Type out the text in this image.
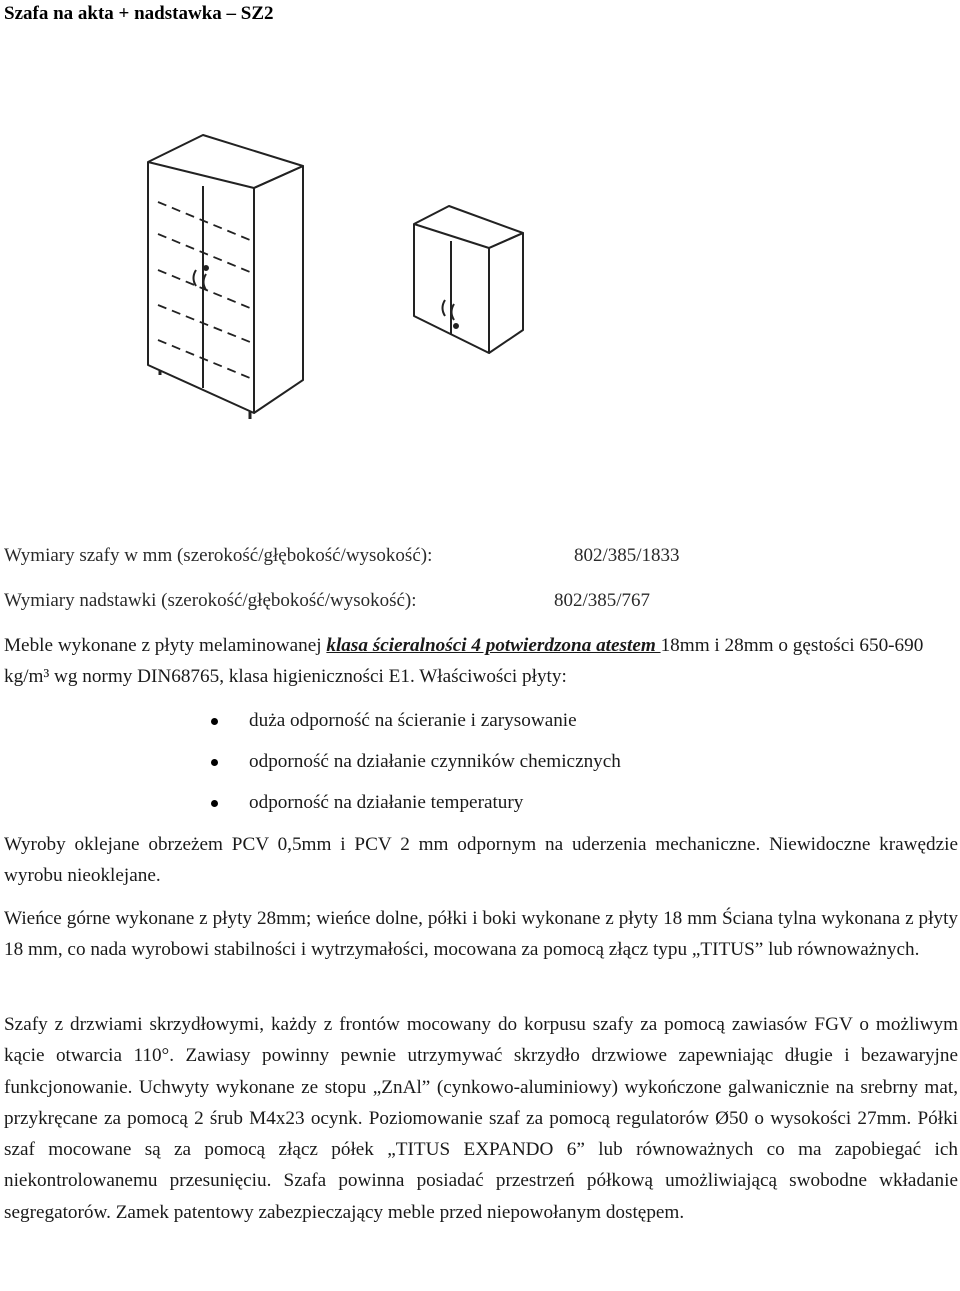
Szafa na akta + nadstawka – SZ2
Wymiary szafy w mm (szerokość/głębokość/wysokość):	802/385/1833
Wymiary nadstawki (szerokość/głębokość/wysokość):	802/385/767
Meble wykonane z płyty melaminowanej klasa ścieralności 4 potwierdzona atestem 18mm i 28mm o gęstości 650-690 kg/m³ wg normy DIN68765, klasa higieniczności E1. Właściwości płyty:
duża odporność na ścieranie i zarysowanie
odporność na działanie czynników chemicznych
odporność na działanie temperatury
Wyroby oklejane obrzeżem PCV 0,5mm i PCV 2 mm odpornym na uderzenia mechaniczne. Niewidoczne krawędzie wyrobu nieoklejane.
Wieńce górne wykonane z płyty 28mm; wieńce dolne, półki i boki wykonane z płyty 18 mm Ściana tylna wykonana z płyty 18 mm, co nada wyrobowi stabilności i wytrzymałości, mocowana za pomocą złącz typu „TITUS” lub równoważnych.
Szafy z drzwiami skrzydłowymi, każdy z frontów mocowany do korpusu szafy za pomocą zawiasów FGV o możliwym kącie otwarcia 110°. Zawiasy powinny pewnie utrzymywać skrzydło drzwiowe zapewniając długie i bezawaryjne funkcjonowanie. Uchwyty wykonane ze stopu „ZnAl” (cynkowo-aluminiowy) wykończone galwanicznie na srebrny mat, przykręcane za pomocą 2 śrub M4x23 ocynk. Poziomowanie szaf za pomocą regulatorów Ø50 o wysokości 27mm. Półki szaf mocowane są za pomocą złącz półek „TITUS EXPANDO 6” lub równoważnych co ma zapobiegać ich niekontrolowanemu przesunięciu. Szafa powinna posiadać przestrzeń półkową umożliwiającą swobodne wkładanie segregatorów. Zamek patentowy zabezpieczający meble przed niepowołanym dostępem.
